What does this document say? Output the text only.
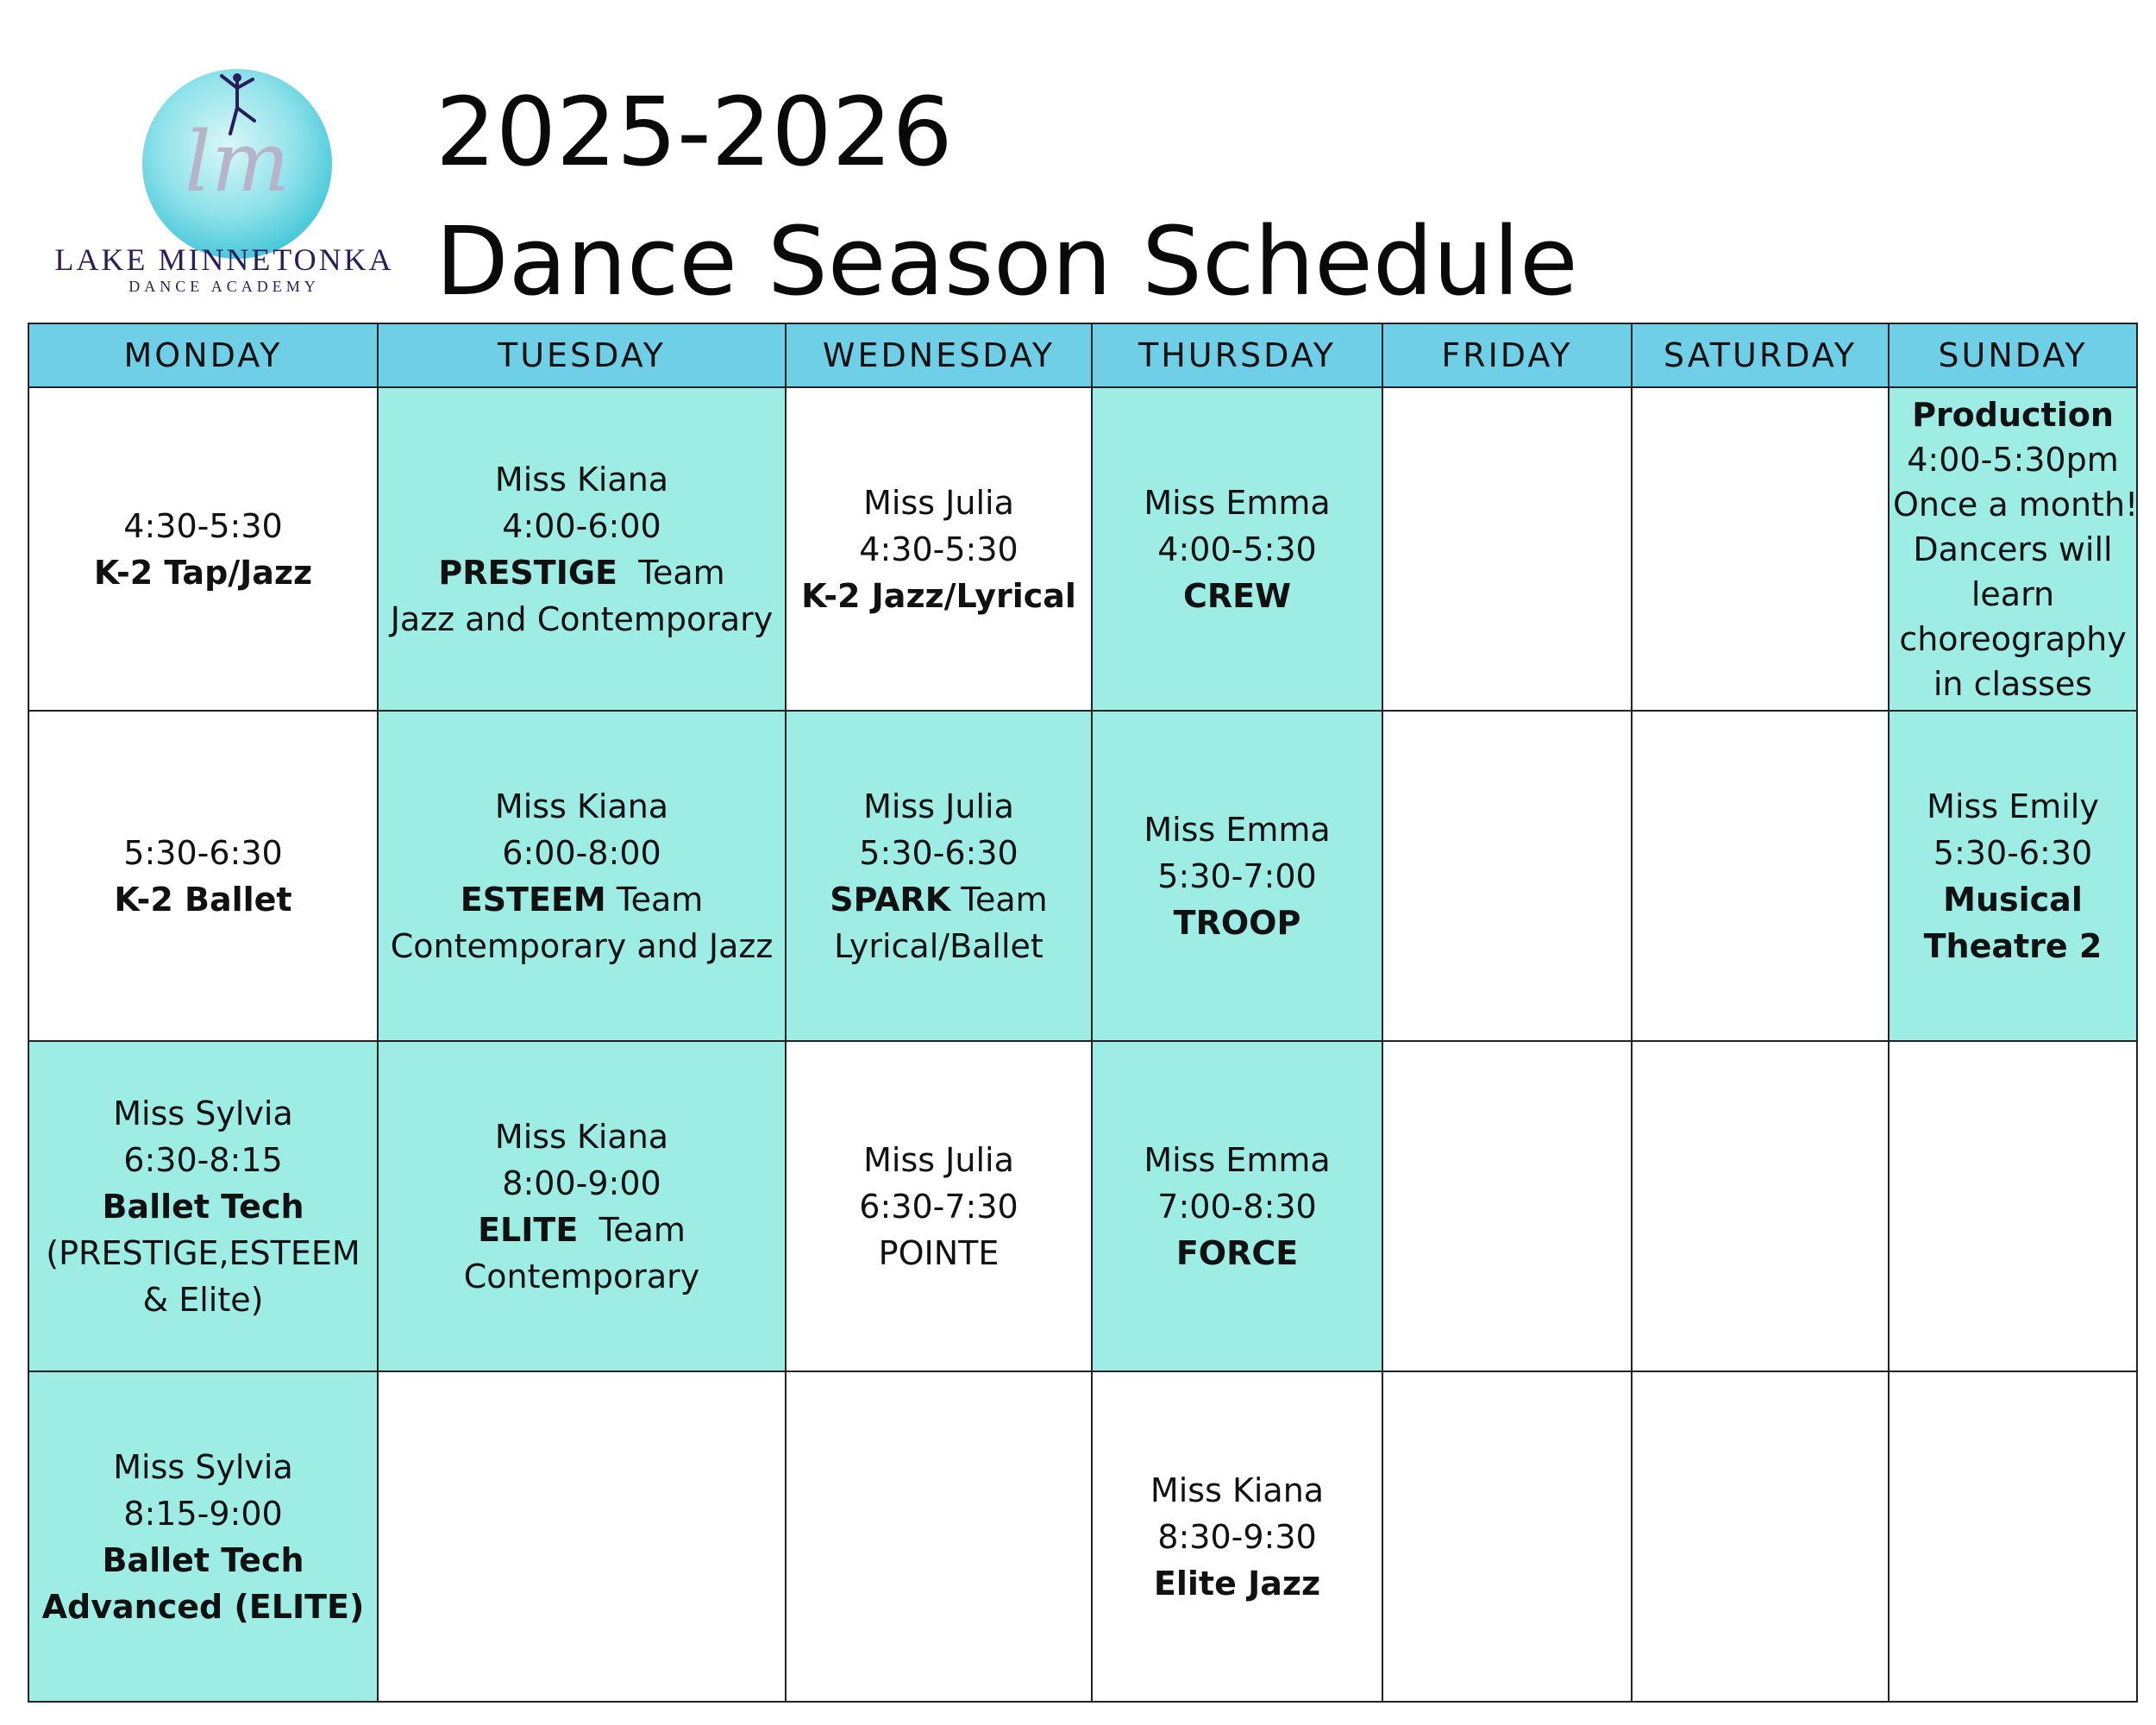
lm
LAKE MINNETONKA
DANCE ACADEMY
2025-2026
Dance Season Schedule
MONDAY	TUESDAY	WEDNESDAY	THURSDAY	FRIDAY	SATURDAY	SUNDAY

4:30-5:30
K-2 Tap/Jazz	Miss Kiana
4:00-6:00
PRESTIGE Team
Jazz and Contemporary	Miss Julia
4:30-5:30
K-2 Jazz/Lyrical	Miss Emma
4:00-5:30
CREW			Production
4:00-5:30pm
Once a month!
Dancers will learn choreography in classes

5:30-6:30
K-2 Ballet	Miss Kiana
6:00-8:00
ESTEEM Team
Contemporary and Jazz	Miss Julia
5:30-6:30
SPARK Team
Lyrical/Ballet	Miss Emma
5:30-7:00
TROOP			Miss Emily
5:30-6:30
Musical Theatre 2

Miss Sylvia
6:30-8:15
Ballet Tech
(PRESTIGE,ESTEEM & Elite)	Miss Kiana
8:00-9:00
ELITE Team
Contemporary	Miss Julia
6:30-7:30
POINTE	Miss Emma
7:00-8:30
FORCE			

Miss Sylvia
8:15-9:00
Ballet Tech Advanced (ELITE)			Miss Kiana
8:30-9:30
Elite Jazz			
